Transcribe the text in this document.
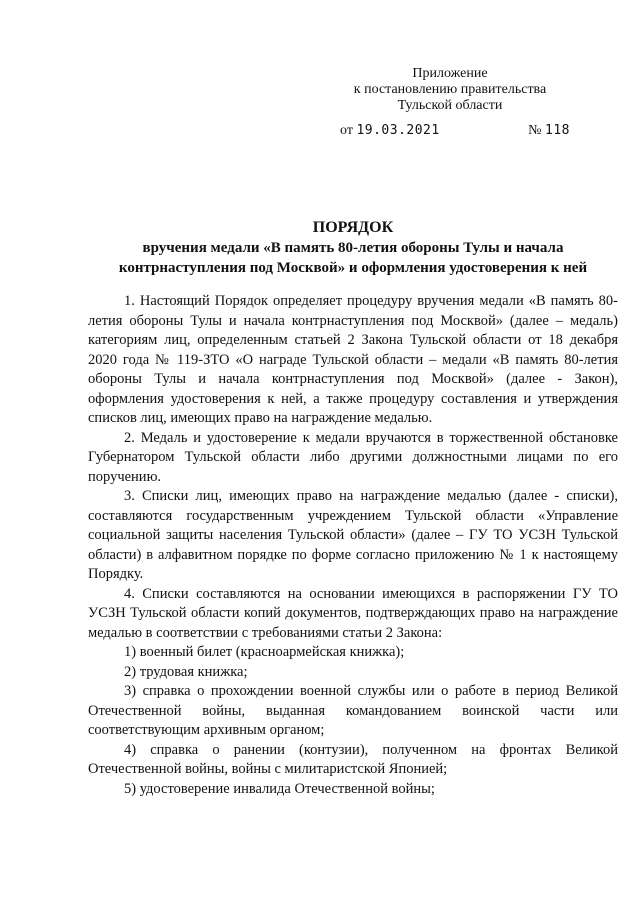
Приложение
к постановлению правительства
Тульской области
от 19.03.2021	№ 118
ПОРЯДОК
вручения медали «В память 80-летия обороны Тулы и начала
контрнаступления под Москвой» и оформления удостоверения к ней

1. Настоящий Порядок определяет процедуру вручения медали «В память 80-летия обороны Тулы и начала контрнаступления под Москвой» (далее – медаль) категориям лиц, определенным статьей 2 Закона Тульской области от 18 декабря 2020 года № 119-ЗТО «О награде Тульской области – медали «В память 80-летия обороны Тулы и начала контрнаступления под Москвой» (далее - Закон), оформления удостоверения к ней, а также процедуру составления и утверждения списков лиц, имеющих право на награждение медалью.

2. Медаль и удостоверение к медали вручаются в торжественной обстановке Губернатором Тульской области либо другими должностными лицами по его поручению.

3. Списки лиц, имеющих право на награждение медалью (далее - списки), составляются государственным учреждением Тульской области «Управление социальной защиты населения Тульской области» (далее – ГУ ТО УСЗН Тульской области) в алфавитном порядке по форме согласно приложению № 1 к настоящему Порядку.

4. Списки составляются на основании имеющихся в распоряжении ГУ ТО УСЗН Тульской области копий документов, подтверждающих право на награждение медалью в соответствии с требованиями статьи 2 Закона:

1) военный билет (красноармейская книжка);

2) трудовая книжка;

3) справка о прохождении военной службы или о работе в период Великой Отечественной войны, выданная командованием воинской части или соответствующим архивным органом;

4) справка о ранении (контузии), полученном на фронтах Великой Отечественной войны, войны с милитаристской Японией;

5) удостоверение инвалида Отечественной войны;
